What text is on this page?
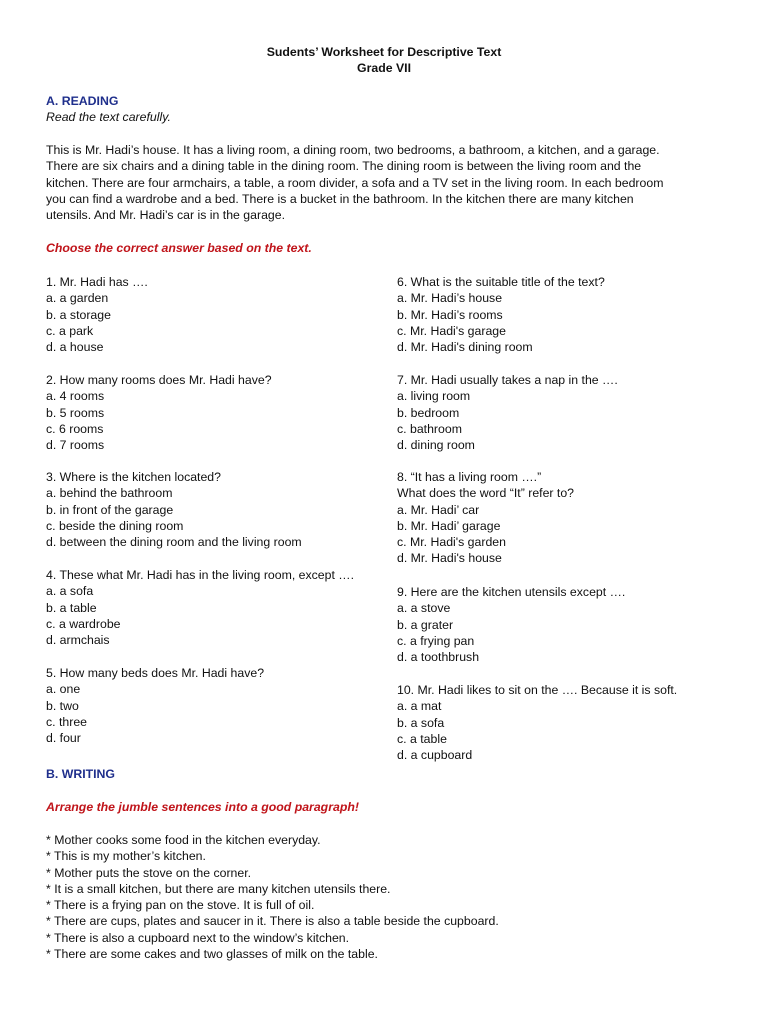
Sudents’ Worksheet for Descriptive Text
Grade VII
A. READING
Read the text carefully.
This is Mr. Hadi’s house. It has a living room, a dining room, two bedrooms, a bathroom, a kitchen, and a garage.
There are six chairs and a dining table in the dining room. The dining room is between the living room and the
kitchen. There are four armchairs, a table, a room divider, a sofa and a TV set in the living room. In each bedroom
you can find a wardrobe and a bed. There is a bucket in the bathroom. In the kitchen there are many kitchen
utensils. And Mr. Hadi’s car is in the garage.
Choose the correct answer based on the text.
1. Mr. Hadi has ….
a. a garden
b. a storage
c. a park
d. a house
2. How many rooms does Mr. Hadi have?
a. 4 rooms
b. 5 rooms
c. 6 rooms
d. 7 rooms
3. Where is the kitchen located?
a. behind the bathroom
b. in front of the garage
c. beside the dining room
d. between the dining room and the living room
4. These what Mr. Hadi has in the living room, except ….
a. a sofa
b. a table
c. a wardrobe
d. armchais
5. How many beds does Mr. Hadi have?
a. one
b. two
c. three
d. four
6. What is the suitable title of the text?
a. Mr. Hadi’s house
b. Mr. Hadi’s rooms
c. Mr. Hadi's garage
d. Mr. Hadi's dining room
7. Mr. Hadi usually takes a nap in the ….
a. living room
b. bedroom
c. bathroom
d. dining room
8. “It has a living room ….”
What does the word “It” refer to?
a. Mr. Hadi’ car
b. Mr. Hadi’ garage
c. Mr. Hadi's garden
d. Mr. Hadi's house
9. Here are the kitchen utensils except ….
a. a stove
b. a grater
c. a frying pan
d. a toothbrush
10. Mr. Hadi likes to sit on the …. Because it is soft.
a. a mat
b. a sofa
c. a table
d. a cupboard
B. WRITING
Arrange the jumble sentences into a good paragraph!
* Mother cooks some food in the kitchen everyday.
* This is my mother’s kitchen.
* Mother puts the stove on the corner.
* It is a small kitchen, but there are many kitchen utensils there.
* There is a frying pan on the stove. It is full of oil.
* There are cups, plates and saucer in it. There is also a table beside the cupboard.
* There is also a cupboard next to the window’s kitchen.
* There are some cakes and two glasses of milk on the table.
